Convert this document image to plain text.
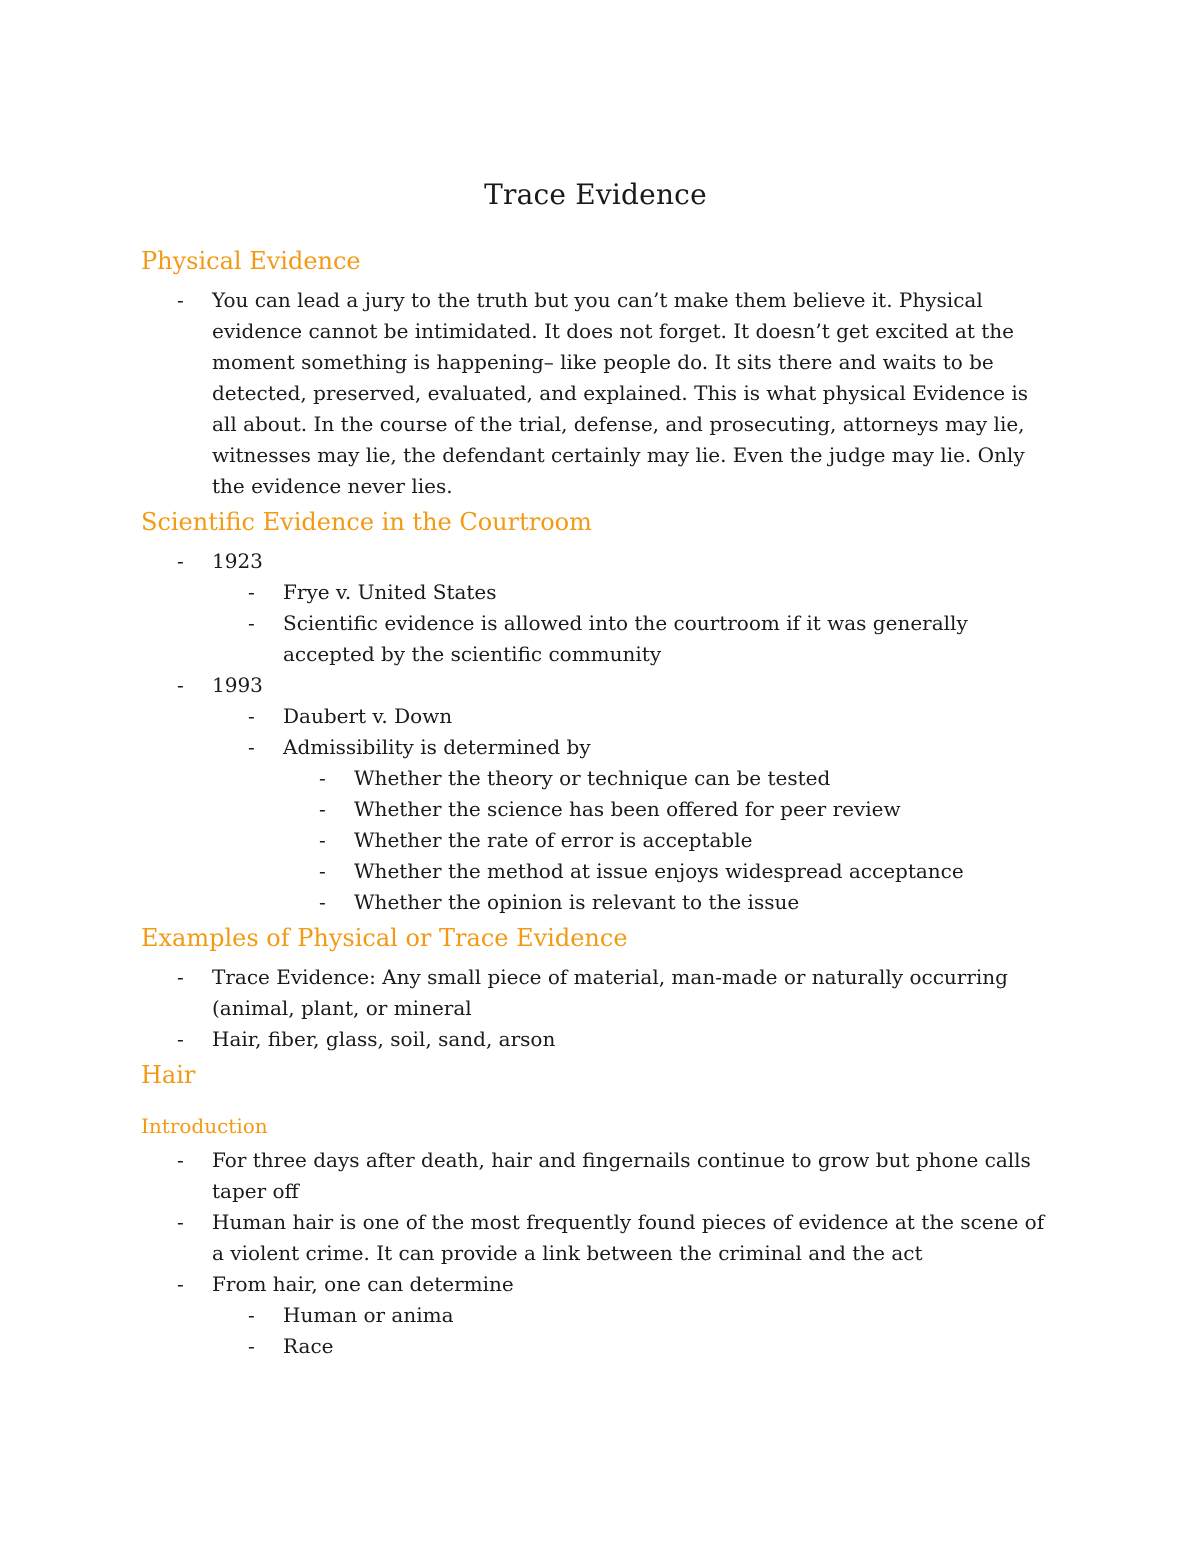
Trace Evidence
Physical Evidence
- You can lead a jury to the truth but you can’t make them believe it. Physical evidence cannot be intimidated. It does not forget. It doesn’t get excited at the moment something is happening– like people do. It sits there and waits to be detected, preserved, evaluated, and explained. This is what physical Evidence is all about. In the course of the trial, defense, and prosecuting, attorneys may lie, witnesses may lie, the defendant certainly may lie. Even the judge may lie. Only the evidence never lies.
Scientific Evidence in the Courtroom
- 1923
- Frye v. United States
- Scientific evidence is allowed into the courtroom if it was generally accepted by the scientific community
- 1993
- Daubert v. Down
- Admissibility is determined by
- Whether the theory or technique can be tested
- Whether the science has been offered for peer review
- Whether the rate of error is acceptable
- Whether the method at issue enjoys widespread acceptance
- Whether the opinion is relevant to the issue
Examples of Physical or Trace Evidence
- Trace Evidence: Any small piece of material, man-made or naturally occurring (animal, plant, or mineral
- Hair, fiber, glass, soil, sand, arson
Hair
Introduction
- For three days after death, hair and fingernails continue to grow but phone calls taper off
- Human hair is one of the most frequently found pieces of evidence at the scene of a violent crime. It can provide a link between the criminal and the act
- From hair, one can determine
- Human or anima
- Race
